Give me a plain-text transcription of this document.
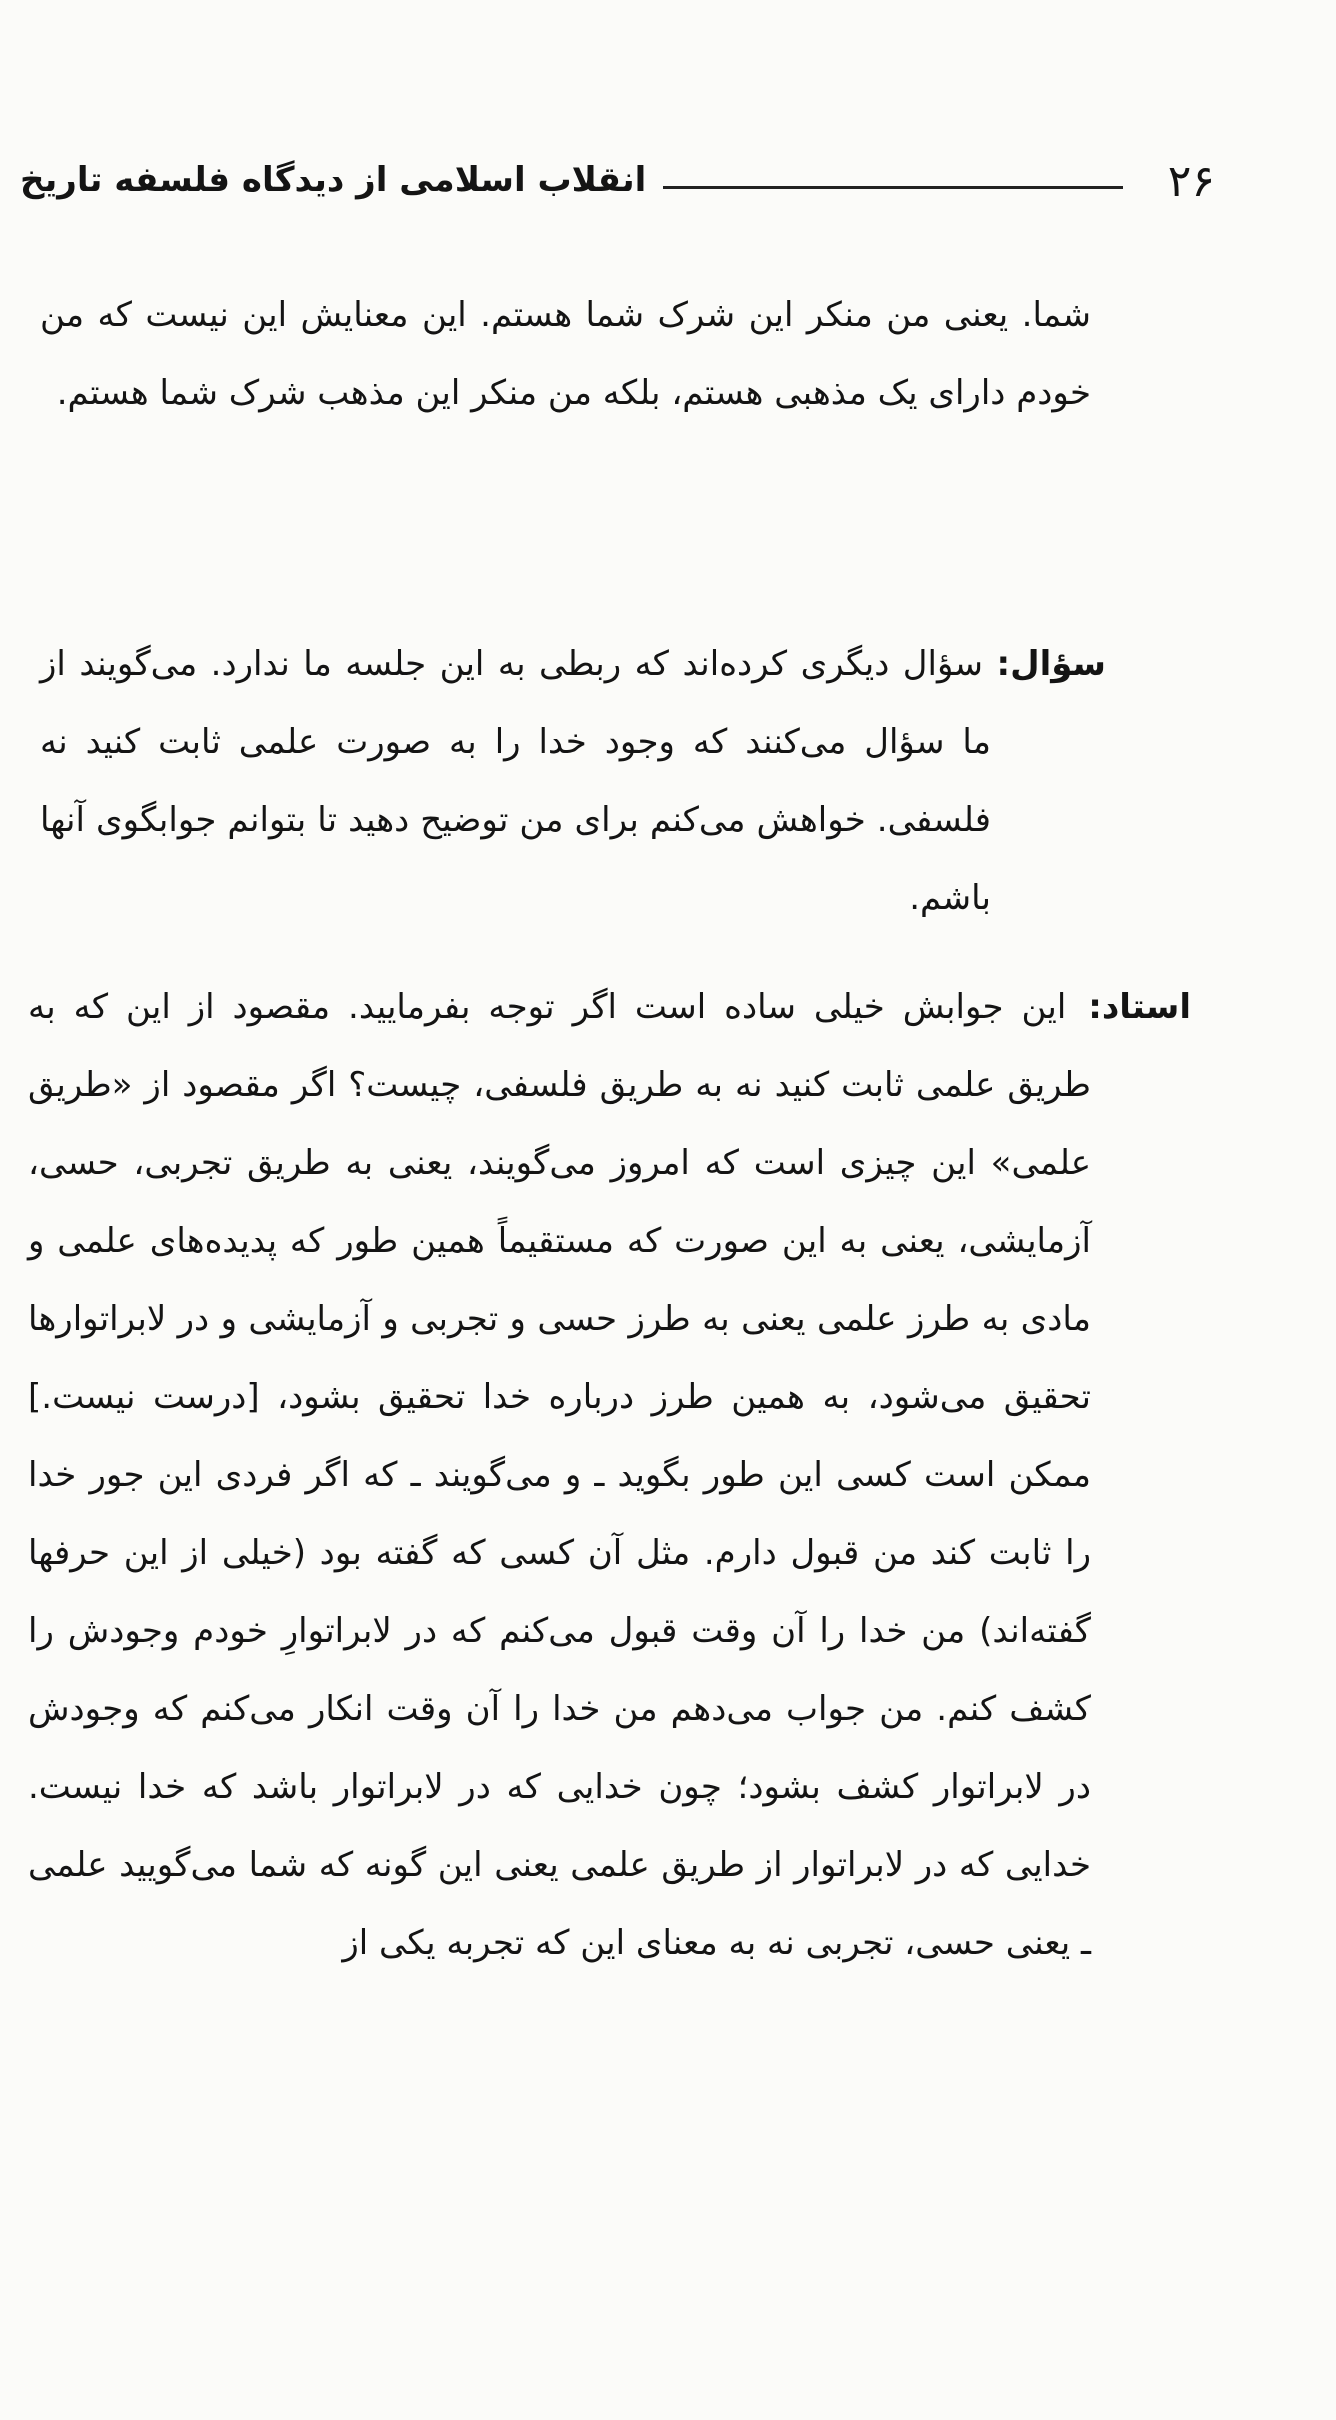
۲۶
انقلاب اسلامی از دیدگاه فلسفه تاریخ

شما. یعنی من منکر این شرک شما هستم. این معنایش این نیست که من خودم دارای یک مذهبی هستم، بلکه من منکر این مذهب شرک شما هستم.

سؤال: سؤال دیگری کرده‌اند که ربطی به این جلسه ما ندارد. می‌گویند از ما سؤال می‌کنند که وجود خدا را به صورت علمی ثابت کنید نه فلسفی. خواهش می‌کنم برای من توضیح دهید تا بتوانم جوابگوی آنها باشم.

استاد: این جوابش خیلی ساده است اگر توجه بفرمایید. مقصود از این که به طریق علمی ثابت کنید نه به طریق فلسفی، چیست؟ اگر مقصود از «طریق علمی» این چیزی است که امروز می‌گویند، یعنی به طریق تجربی، حسی، آزمایشی، یعنی به این صورت که مستقیماً همین طور که پدیده‌های علمی و مادی به طرز علمی یعنی به طرز حسی و تجربی و آزمایشی و در لابراتوارها تحقیق می‌شود، به همین طرز درباره خدا تحقیق بشود، [درست نیست.] ممکن است کسی این طور بگوید ـ و می‌گویند ـ که اگر فردی این جور خدا را ثابت کند من قبول دارم. مثل آن کسی که گفته بود (خیلی از این حرفها گفته‌اند) من خدا را آن وقت قبول می‌کنم که در لابراتوارِ خودم وجودش را کشف کنم. من جواب می‌دهم من خدا را آن وقت انکار می‌کنم که وجودش در لابراتوار کشف بشود؛ چون خدایی که در لابراتوار باشد که خدا نیست. خدایی که در لابراتوار از طریق علمی یعنی این گونه که شما می‌گویید علمی ـ یعنی حسی، تجربی نه به معنای این که تجربه یکی از
